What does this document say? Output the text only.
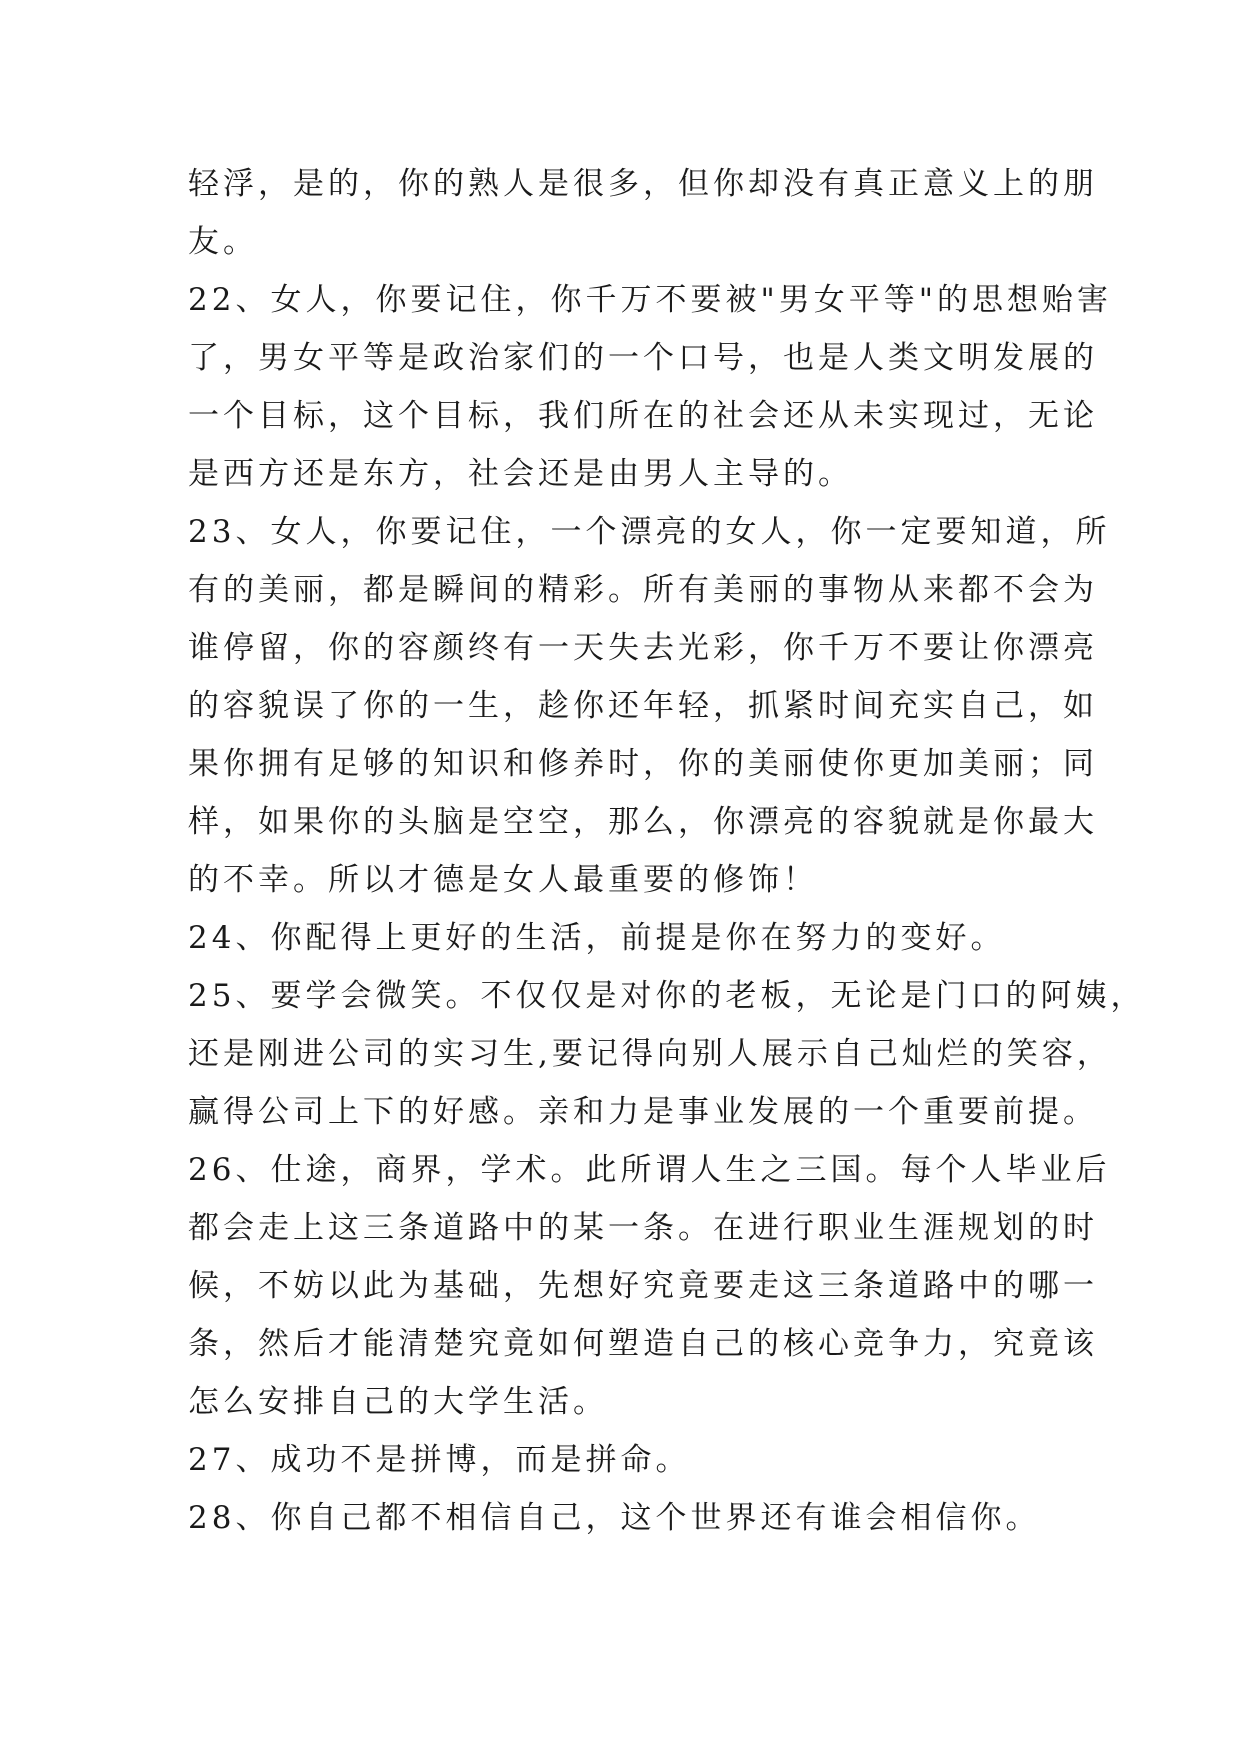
轻浮，是的，你的熟人是很多，但你却没有真正意义上的朋
友。
22、女人，你要记住，你千万不要被"男女平等"的思想贻害
了，男女平等是政治家们的一个口号，也是人类文明发展的
一个目标，这个目标，我们所在的社会还从未实现过，无论
是西方还是东方，社会还是由男人主导的。
23、女人，你要记住，一个漂亮的女人，你一定要知道，所
有的美丽，都是瞬间的精彩。所有美丽的事物从来都不会为
谁停留，你的容颜终有一天失去光彩，你千万不要让你漂亮
的容貌误了你的一生，趁你还年轻，抓紧时间充实自己，如
果你拥有足够的知识和修养时，你的美丽使你更加美丽；同
样，如果你的头脑是空空，那么，你漂亮的容貌就是你最大
的不幸。所以才德是女人最重要的修饰！
24、你配得上更好的生活，前提是你在努力的变好。
25、要学会微笑。不仅仅是对你的老板，无论是门口的阿姨，
还是刚进公司的实习生,要记得向别人展示自己灿烂的笑容，
赢得公司上下的好感。亲和力是事业发展的一个重要前提。
26、仕途，商界，学术。此所谓人生之三国。每个人毕业后
都会走上这三条道路中的某一条。在进行职业生涯规划的时
候，不妨以此为基础，先想好究竟要走这三条道路中的哪一
条，然后才能清楚究竟如何塑造自己的核心竞争力，究竟该
怎么安排自己的大学生活。
27、成功不是拼博，而是拼命。
28、你自己都不相信自己，这个世界还有谁会相信你。
